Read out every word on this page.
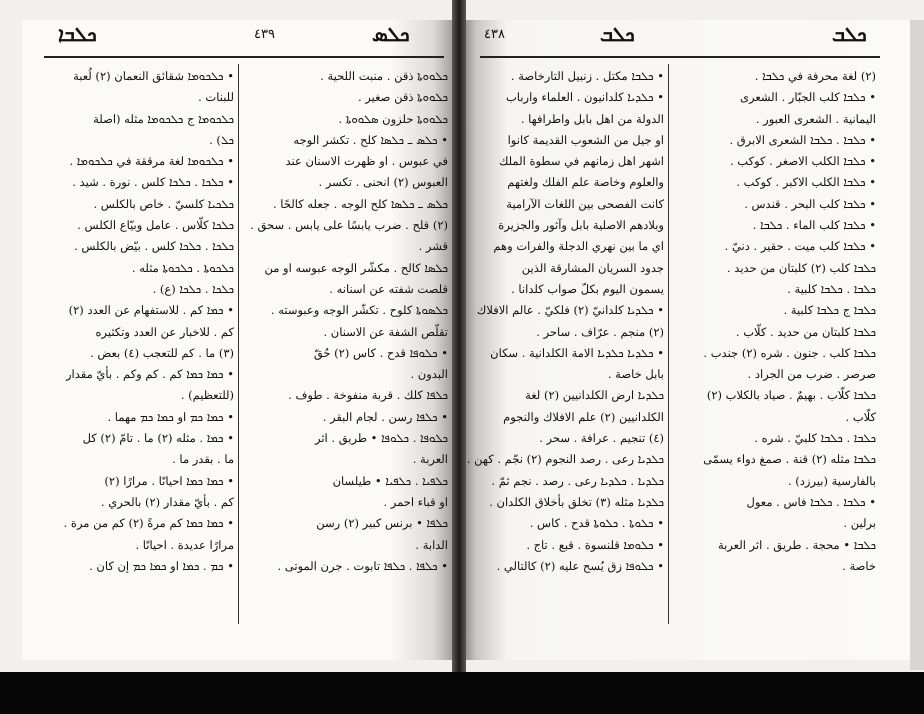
ܟܠܒܐ	٤٣٩	ܟܠܣ	ܟܠܒ
٤٣٨	ܟܠܒ
ܟܠܘܘܬܐ ذقن . منبت اللحية .
ܟܠܘܘܬܐ ذقن صغير .
ܟܠܘܘܬܐ حلزون ܣܠܘܘܬܐ .
• ܟܠܣ ـ ܟܠܣܐ كلح . تكشر الوجه
في عبوس . او ظهرت الاسنان عند
العبوس (٢) انحنى . تكسر .
ܟܠܣ ـ ܟܠܣܐ كلح الوجه . جعله كالحًا .
(٢) قلح . ضرب يابسًا على يابس . سحق .
قشر .
ܟܠܣܐ كالح . مكشّر الوجه عبوسه او من
قلصت شفته عن اسنانه .
ܟܠܣܘܬܐ كلوح . تكشّر الوجه وعبوسته .
تقلّص الشفة عن الاسنان .
• ܟܠܘܦܐ قدح . كاس (٢) حُقّ
البدون .
ܟܠܦܐ كلك . قربة منفوخة . طوف .
• ܟܠܦܐ رسن . لجام البقر .
ܟܠܘܦܐ . ܟܠܘܦܐ • طريق . اثر
العربة .
ܟܠܦܝܐ . ܟܠܦܝܐ • طيلسان
او قباء احمر .
ܟܠܦܐ • برنس كبير (٢) رسن
الدابة .
• ܟܠܦܐ . ܟܠܦܐ تابوت . جرن الموتى .
• ܟܠܟܘܡܐ شقائق النعمان (٢) لُعبة
للبنات .
ܟܠܟܘܡܐ ج ܟܠܟܘܡܐ مثله (اصلة
ܟܠ) .
• ܟܠܟܘܡܐ لغة مرققة في ܟܠܟܘܡܐ .
• ܟܠܟܐ . ܟܠܟܐ كلس . نورة . شيد .
ܟܠܟܝܐ كلسيّ . خاص بالكلس .
ܟܠܟܐ كلّاس . عامل وبيّاع الكلس .
ܟܠܟܐ . ܟܠܟܐ كلس . بيّض بالكلس .
ܟܠܟܘܬܐ . ܟܠܟܘܬܐ مثله .
ܟܠܟܐ . ܟܠܟܐ (ع) .
• ܟܡܐ كم . للاستفهام عن العدد (٢)
كم . للاخبار عن العدد وتكثيره
(٣) ما . كم للتعجب (٤) بعض .
• ܟܡܐ ܟܡܐ كم . كم وكم . بأيّ مقدار
(للتعظيم) .
• ܟܡܐ ܟܡ او ܟܡܐ ܟܡ مهما .
• ܟܡܐ . مثله (٢) ما . تامّ (٢) كل
ما . بقدر ما .
• ܟܡܐ ܟܡܐ احيانًا . مرارًا (٢)
كم . بأيّ مقدار (٢) بالحري .
• ܟܡܐ ܟܡܐ كم مرةً (٢) كم من مرة .
مرارًا عديدة . احيانًا .
• ܟܡ . ܟܡܐ او ܟܡܐ ܟܡ إن كان .
• ܟܠܒܐ مكتل . زنبيل التارخاصة .
• ܟܠܕܝܐ كلدانيون . العلماء وارباب
الدولة من اهل بابل واطرافها .
او جيل من الشعوب القديمة كانوا
اشهر اهل زمانهم في سطوة الملك
والعلوم وخاصة علم الفلك ولغتهم
كانت الفصحى بين اللغات الآرامية
وبلادهم الاصلية بابل وآثور والجزيرة
اي ما بين نهري الدجلة والفرات وهم
جدود السريان المشارقة الذين
يسمون اليوم بكلّ صواب كلدانا .
• ܟܠܕܝܐ كلدانيّ (٢) فلكيّ . عالم الافلاك
(٢) منجم . عرّاف . ساحر .
• ܟܠܕܝܐ ܟܠܕܝܐ الامة الكلدانية . سكان
بابل خاصة .
ܟܠܕܝܐ ارض الكلدانيين (٢) لغة
الكلدانيين (٢) علم الافلاك والنجوم
(٤) تنجيم . عرافة . سحر .
ܟܠܕܝܐ رعى . رصد النجوم (٢) نجّم . كهن .
ܟܠܕܝܐ . ܟܠܕܝܐ رعى . رصد . نجم ثمّ .
ܟܠܕܝܐ مثله (٣) تخلق بأخلاق الكلدان .
• ܟܠܘܬܐ . ܟܠܘܬܐ قدح . كاس .
• ܟܠܘܡܐ قلنسوة . قبع . تاج .
• ܟܠܘܦܐ زق يُسح عليه (٢) كالتالي .
(٢) لغة محرفة في ܟܠܒܐ .
• ܟܠܒܐ كلب الجبّار . الشعرى
اليمانية . الشعرى العبور .
• ܟܠܒܐ . ܟܠܒܐ الشعرى الابرق .
• ܟܠܒܐ الكلب الاصغر . كوكب .
• ܟܠܒܐ الكلب الاكبر . كوكب .
• ܟܠܒܐ كلب البحر . قندس .
• ܟܠܒܐ كلب الماء . ܟܠܒܐ .
• ܟܠܒܐ كلب ميت . حقير . دنيّ .
ܟܠܒܐ كلب (٢) كلبتان من حديد .
ܟܠܒܐ . ܟܠܒܐ كلبية .
ܟܠܒܐ ج ܟܠܒܐ كلبية .
ܟܠܒܐ كلبتان من حديد . كلّاب .
ܟܠܒܐ كلب . جنون . شره (٢) جندب .
صرصر . ضرب من الجراد .
ܟܠܒܐ كلّاب . بهيمٌ . صياد بالكلاب (٢)
كلّاب .
ܟܠܒܐ . ܟܠܒܐ كلبيّ . شره .
ܟܠܒܐ مثله (٢) قنة . صمغ دواء يسمّى
بالفارسية (بيرزد) .
• ܟܠܒܐ . ܟܠܒܐ فاس . معول
برلين .
ܟܠܒܐ • محجة . طريق . اثر العربة
خاصة .
